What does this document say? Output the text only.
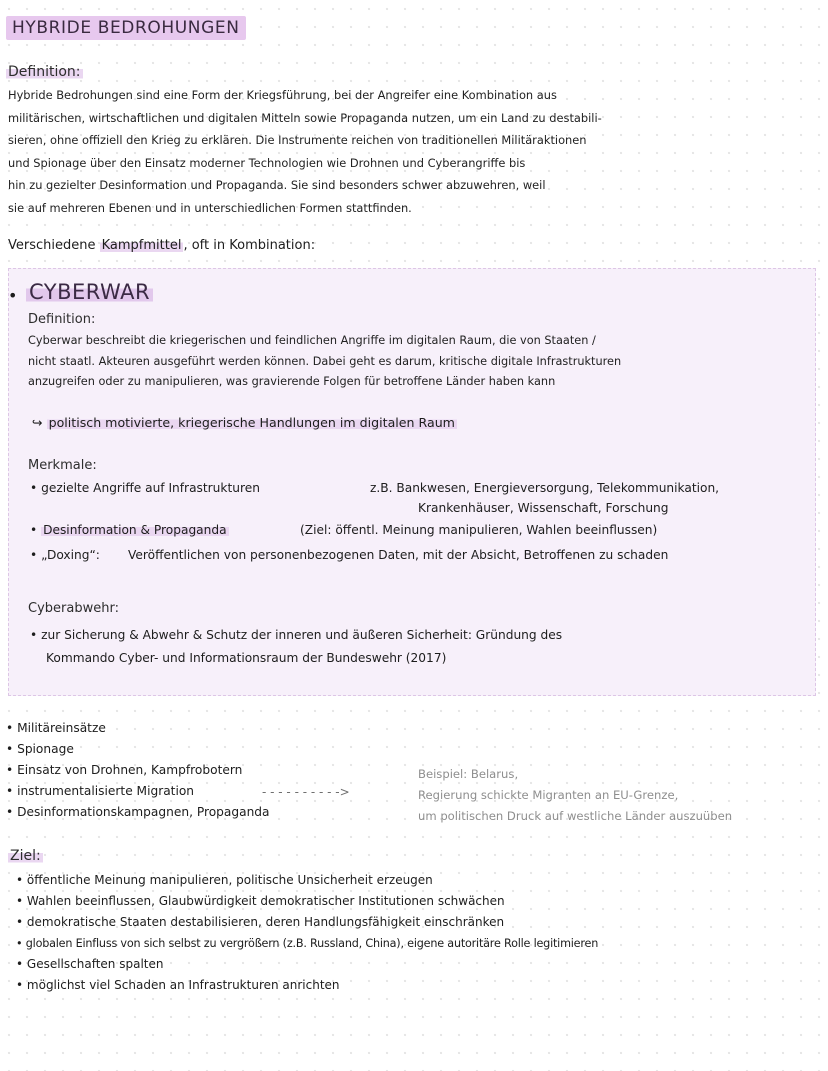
HYBRIDE BEDROHUNGEN
Definition:

Hybride Bedrohungen sind eine Form der Kriegsführung, bei der Angreifer eine Kombination aus

militärischen, wirtschaftlichen und digitalen Mitteln sowie Propaganda nutzen, um ein Land zu destabili-

sieren, ohne offiziell den Krieg zu erklären. Die Instrumente reichen von traditionellen Militäraktionen

und Spionage über den Einsatz moderner Technologien wie Drohnen und Cyberangriffe bis

hin zu gezielter Desinformation und Propaganda. Sie sind besonders schwer abzuwehren, weil

sie auf mehreren Ebenen und in unterschiedlichen Formen stattfinden.

Verschiedene Kampfmittel , oft in Kombination:
• CYBERWAR
Definition:

Cyberwar beschreibt die kriegerischen und feindlichen Angriffe im digitalen Raum, die von Staaten /

nicht staatl. Akteuren ausgeführt werden können. Dabei geht es darum, kritische digitale Infrastrukturen

anzugreifen oder zu manipulieren, was gravierende Folgen für betroffene Länder haben kann

↪ politisch motivierte, kriegerische Handlungen im digitalen Raum
Merkmale:
• gezielte Angriffe auf Infrastrukturen	z.B. Bankwesen, Energieversorgung, Telekommunikation,
Krankenhäuser, Wissenschaft, Forschung
• Desinformation & Propaganda	(Ziel: öffentl. Meinung manipulieren, Wahlen beeinflussen)
• „Doxing“: Veröffentlichen von personenbezogenen Daten, mit der Absicht, Betroffenen zu schaden
Cyberabwehr:
• zur Sicherung & Abwehr & Schutz der inneren und äußeren Sicherheit: Gründung des
Kommando Cyber- und Informationsraum der Bundeswehr (2017)
• Militäreinsätze
• Spionage
• Einsatz von Drohnen, Kampfrobotern
• instrumentalisierte Migration
• Desinformationskampagnen, Propaganda
- - - - - - - - - ->
Beispiel: Belarus,
Regierung schickte Migranten an EU-Grenze,
um politischen Druck auf westliche Länder auszuüben
Ziel:
• öffentliche Meinung manipulieren, politische Unsicherheit erzeugen
• Wahlen beeinflussen, Glaubwürdigkeit demokratischer Institutionen schwächen
• demokratische Staaten destabilisieren, deren Handlungsfähigkeit einschränken
• globalen Einfluss von sich selbst zu vergrößern (z.B. Russland, China), eigene autoritäre Rolle legitimieren
• Gesellschaften spalten
• möglichst viel Schaden an Infrastrukturen anrichten
